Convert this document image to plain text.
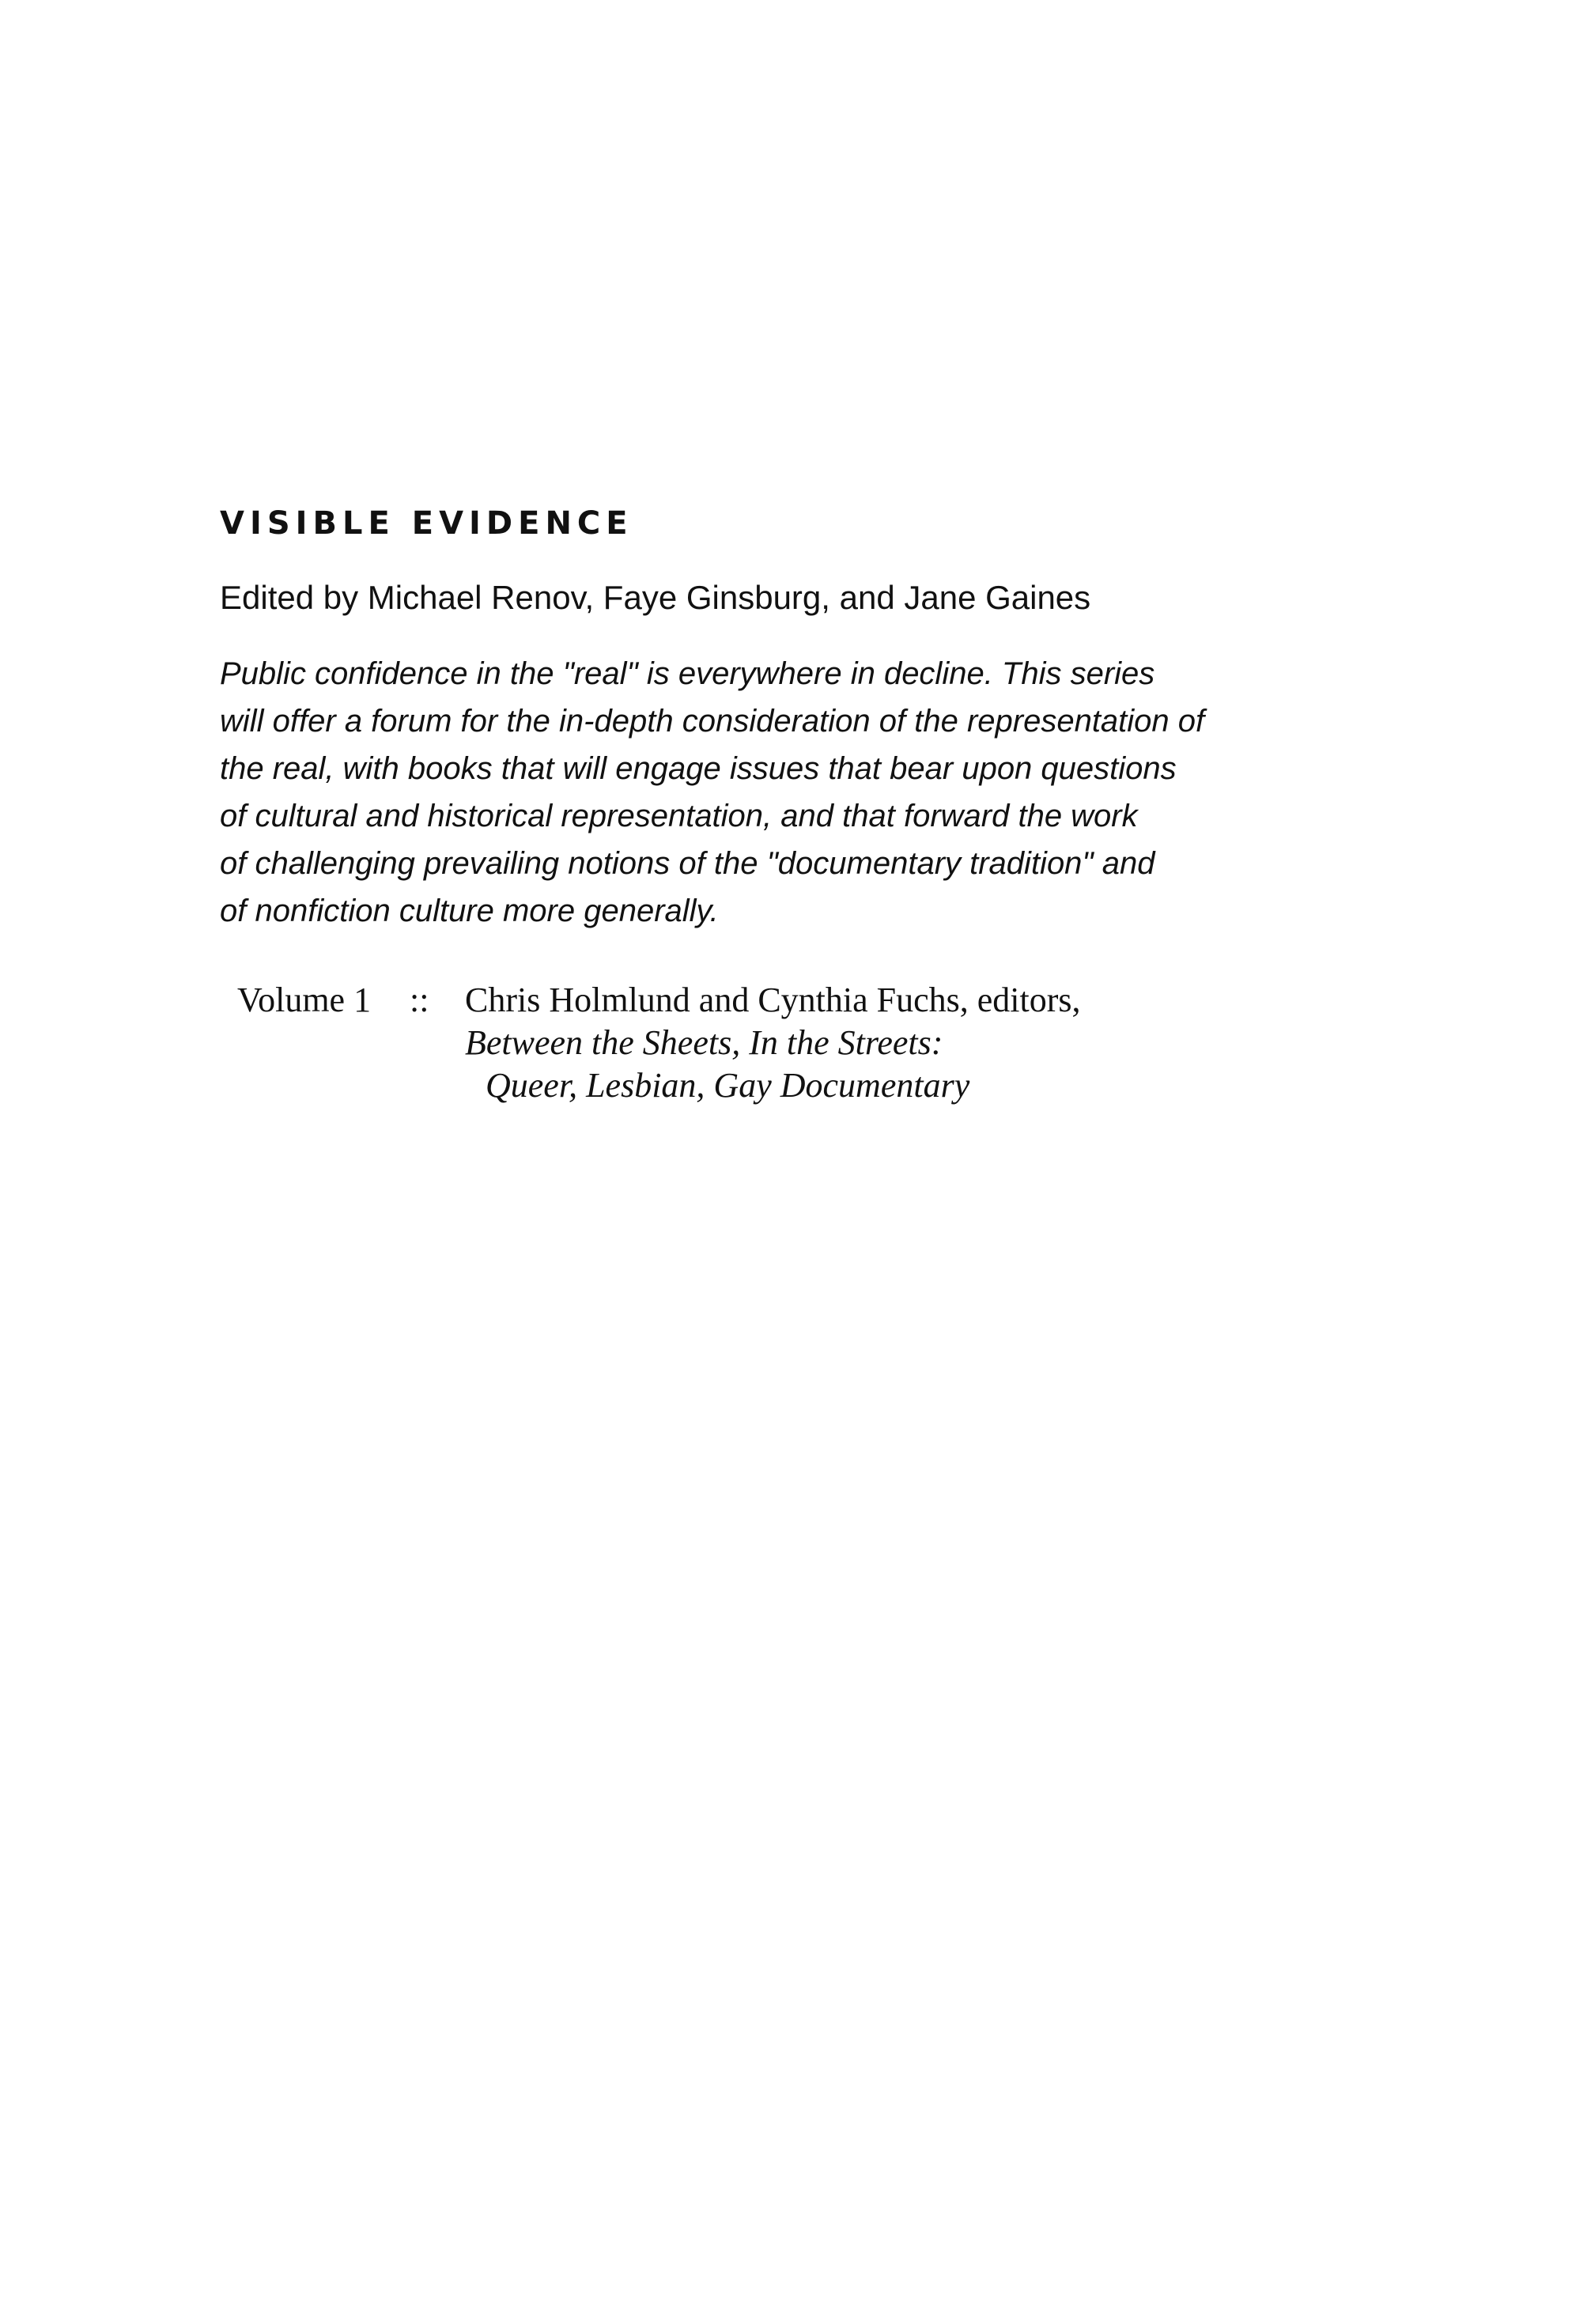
VISIBLE EVIDENCE

Edited by Michael Renov, Faye Ginsburg, and Jane Gaines

Public confidence in the "real" is everywhere in decline. This series
will offer a forum for the in-depth consideration of the representation of
the real, with books that will engage issues that bear upon questions
of cultural and historical representation, and that forward the work
of challenging prevailing notions of the "documentary tradition" and
of nonfiction culture more generally.

Volume 1 :: Chris Holmlund and Cynthia Fuchs, editors,
Between the Sheets, In the Streets:
Queer, Lesbian, Gay Documentary
